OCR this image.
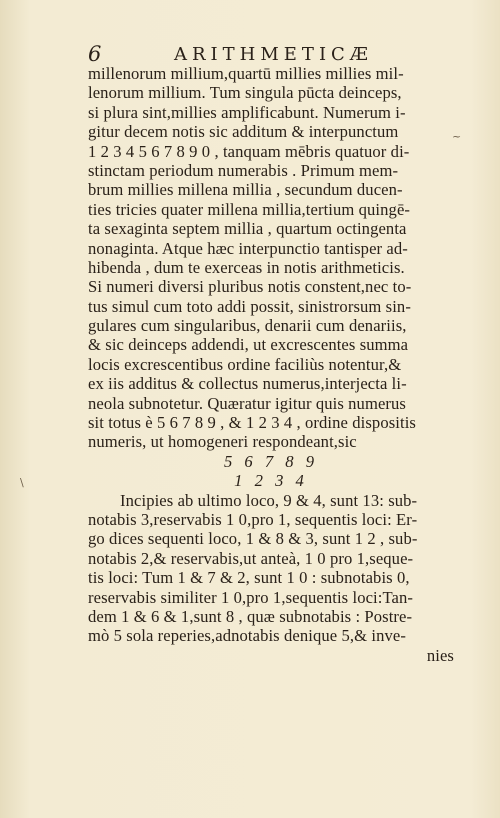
6	ARITHMETICÆ
millenorum millium,quartū millies millies mil-
lenorum millium. Tum singula pūcta deinceps,
si plura sint,millies amplificabunt. Numerum i-
gitur decem notis sic additum & interpunctum
1 2 3 4 5 6 7 8 9 0 , tanquam mēbris quatuor di-
stinctam periodum numerabis . Primum mem-
brum millies millena millia , secundum ducen-
ties tricies quater millena millia,tertium quingē-
ta sexaginta septem millia , quartum octingenta
nonaginta. Atque hæc interpunctio tantisper ad-
hibenda , dum te exerceas in notis arithmeticis.
Si numeri diversi pluribus notis constent,nec to-
tus simul cum toto addi possit, sinistrorsum sin-
gulares cum singularibus, denarii cum denariis,
& sic deinceps addendi, ut excrescentes summa
locis excrescentibus ordine faciliùs notentur,&
ex iis additus & collectus numerus,interjecta li-
neola subnotetur. Quæratur igitur quis numerus
sit totus è 5 6 7 8 9 , & 1 2 3 4 , ordine dispositis
numeris, ut homogeneri respondeant,sic
5 6 7 8 9
1 2 3 4
Incipies ab ultimo loco, 9 & 4, sunt 13: sub-
notabis 3,reservabis 1 0,pro 1, sequentis loci: Er-
go dices sequenti loco, 1 & 8 & 3, sunt 1 2 , sub-
notabis 2,& reservabis,ut anteà, 1 0 pro 1,seque-
tis loci: Tum 1 & 7 & 2, sunt 1 0 : subnotabis 0,
reservabis similiter 1 0,pro 1,sequentis loci:Tan-
dem 1 & 6 & 1,sunt 8 , quæ subnotabis : Postre-
mò 5 sola reperies,adnotabis denique 5,& inve-
nies
~
\
